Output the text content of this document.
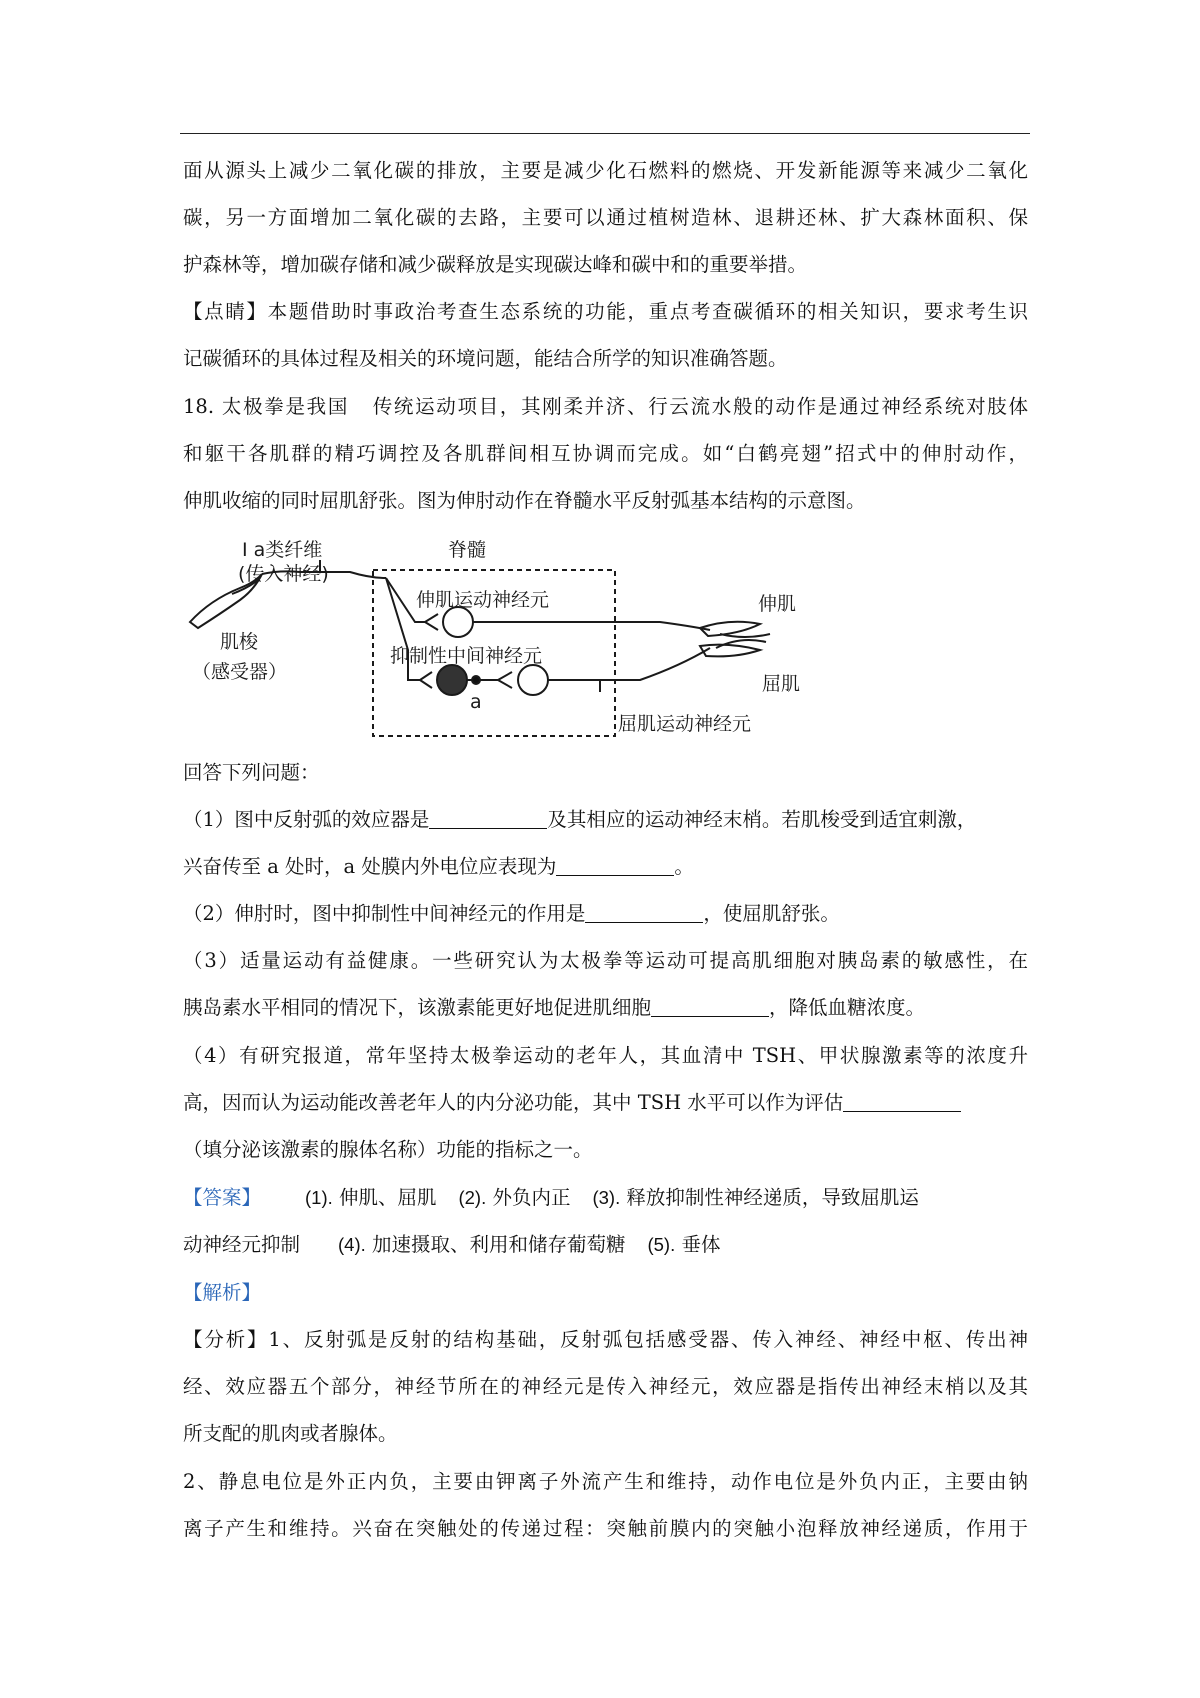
面从源头上减少二氧化碳的排放，主要是减少化石燃料的燃烧、开发新能源等来减少二氧化
碳，另一方面增加二氧化碳的去路，主要可以通过植树造林、退耕还林、扩大森林面积、保
护森林等，增加碳存储和减少碳释放是实现碳达峰和碳中和的重要举措。
【点睛】本题借助时事政治考查生态系统的功能，重点考查碳循环的相关知识，要求考生识
记碳循环的具体过程及相关的环境问题，能结合所学的知识准确答题。
18. 太极拳是我国   传统运动项目，其刚柔并济、行云流水般的动作是通过神经系统对肢体
和躯干各肌群的精巧调控及各肌群间相互协调而完成。如“白鹤亮翅”招式中的伸肘动作，
伸肌收缩的同时屈肌舒张。图为伸肘动作在脊髓水平反射弧基本结构的示意图。
I a类纤维
(传入神经)
脊髓
伸肌运动神经元
抑制性中间神经元
a
肌梭
（感受器）
伸肌
屈肌
屈肌运动神经元
回答下列问题：
（1）图中反射弧的效应器是	及其相应的运动神经末梢。若肌梭受到适宜刺激，
兴奋传至 a 处时，a 处膜内外电位应表现为	。
（2）伸肘时，图中抑制性中间神经元的作用是	，使屈肌舒张。
（3）适量运动有益健康。一些研究认为太极拳等运动可提高肌细胞对胰岛素的敏感性，在
胰岛素水平相同的情况下，该激素能更好地促进肌细胞	，降低血糖浓度。
（4）有研究报道，常年坚持太极拳运动的老年人，其血清中 TSH、甲状腺激素等的浓度升
高，因而认为运动能改善老年人的内分泌功能，其中 TSH 水平可以作为评估
（填分泌该激素的腺体名称）功能的指标之一。
【答案】 (1). 伸肌、屈肌 (2). 外负内正 (3). 释放抑制性神经递质，导致屈肌运
动神经元抑制 (4). 加速摄取、利用和储存葡萄糖 (5). 垂体
【解析】
【分析】1、反射弧是反射的结构基础，反射弧包括感受器、传入神经、神经中枢、传出神
经、效应器五个部分，神经节所在的神经元是传入神经元，效应器是指传出神经末梢以及其
所支配的肌肉或者腺体。
2、静息电位是外正内负，主要由钾离子外流产生和维持，动作电位是外负内正，主要由钠
离子产生和维持。兴奋在突触处的传递过程：突触前膜内的突触小泡释放神经递质，作用于
